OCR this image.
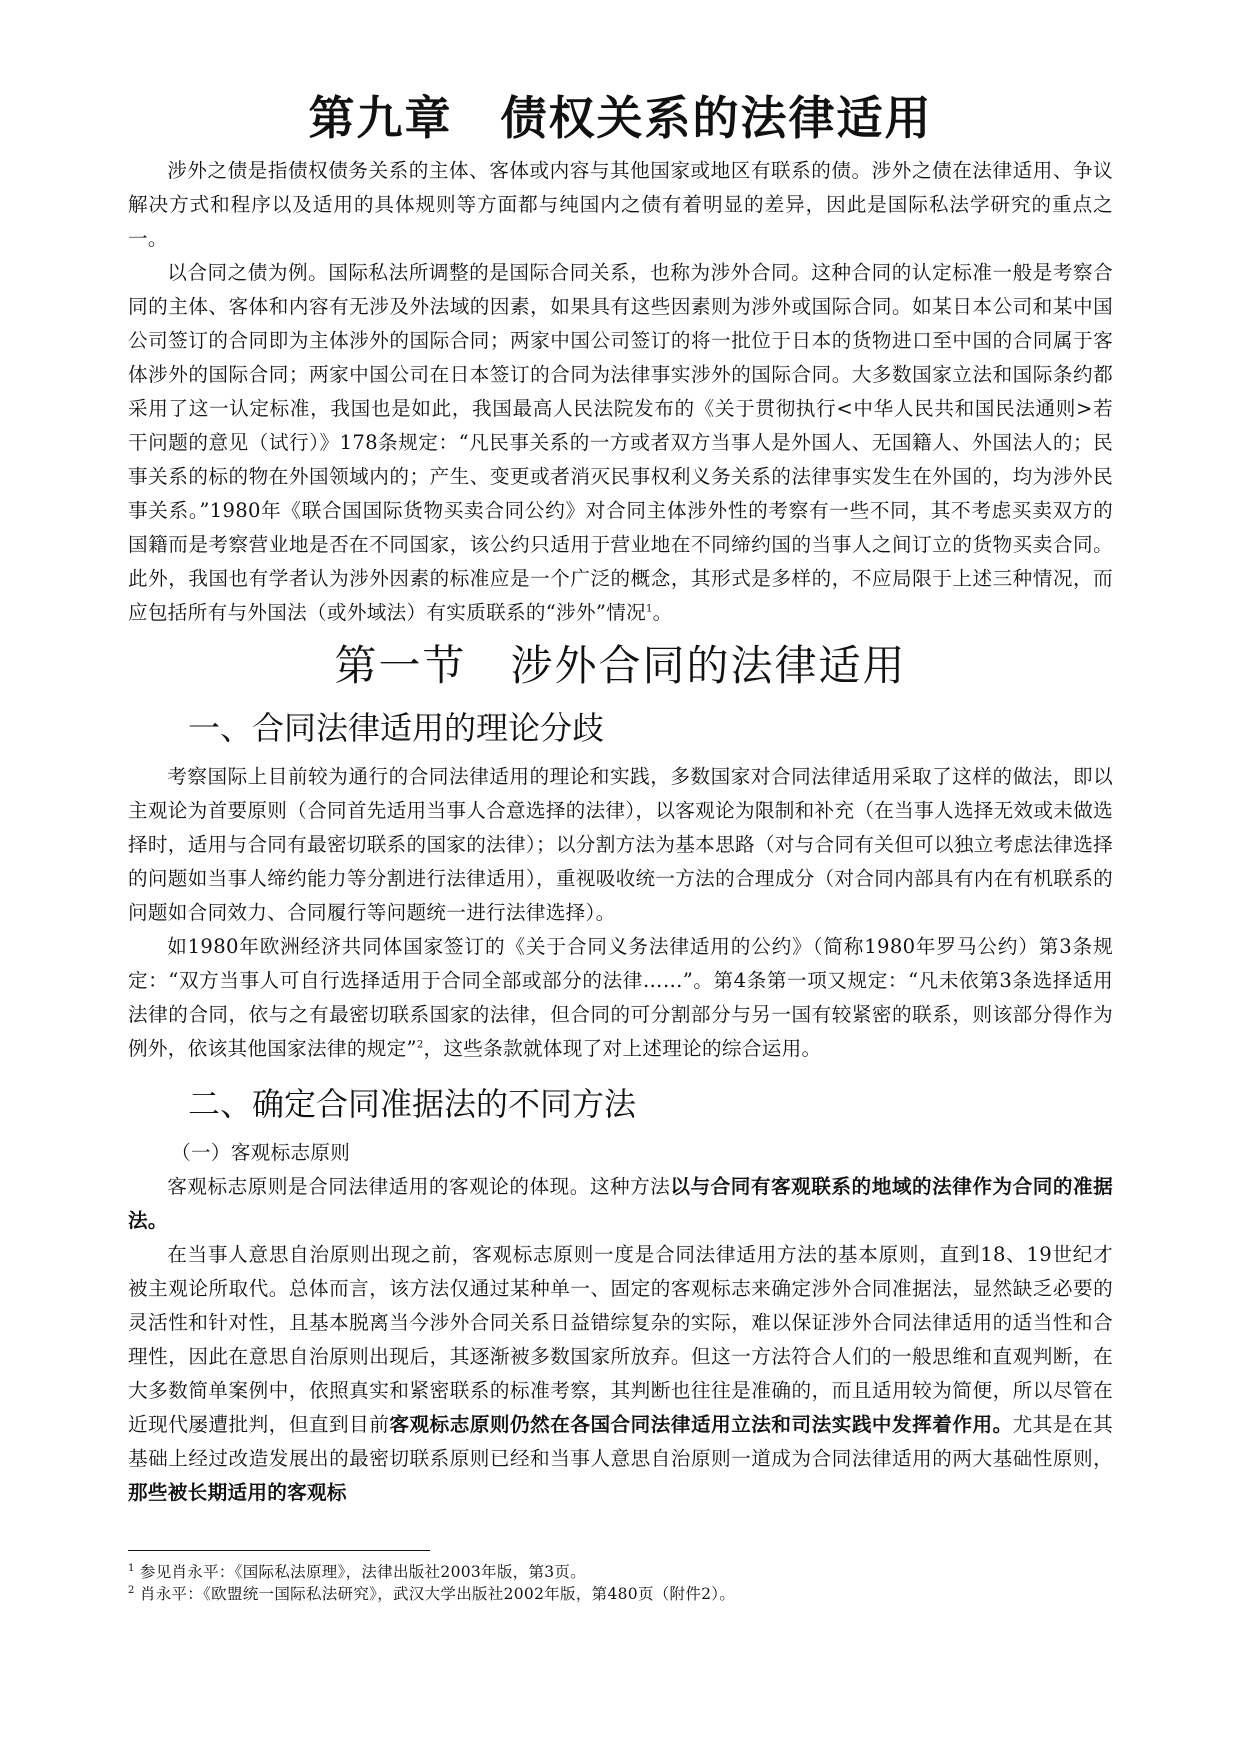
第九章　债权关系的法律适用

涉外之债是指债权债务关系的主体、客体或内容与其他国家或地区有联系的债。涉外之债在法律适用、争议解决方式和程序以及适用的具体规则等方面都与纯国内之债有着明显的差异，因此是国际私法学研究的重点之一。

以合同之债为例。国际私法所调整的是国际合同关系，也称为涉外合同。这种合同的认定标准一般是考察合同的主体、客体和内容有无涉及外法域的因素，如果具有这些因素则为涉外或国际合同。如某日本公司和某中国公司签订的合同即为主体涉外的国际合同；两家中国公司签订的将一批位于日本的货物进口至中国的合同属于客体涉外的国际合同；两家中国公司在日本签订的合同为法律事实涉外的国际合同。大多数国家立法和国际条约都采用了这一认定标准，我国也是如此，我国最高人民法院发布的《关于贯彻执行<中华人民共和国民法通则>若干问题的意见（试行）》178条规定：“凡民事关系的一方或者双方当事人是外国人、无国籍人、外国法人的；民事关系的标的物在外国领域内的；产生、变更或者消灭民事权利义务关系的法律事实发生在外国的，均为涉外民事关系。”1980年《联合国国际货物买卖合同公约》对合同主体涉外性的考察有一些不同，其不考虑买卖双方的国籍而是考察营业地是否在不同国家，该公约只适用于营业地在不同缔约国的当事人之间订立的货物买卖合同。此外，我国也有学者认为涉外因素的标准应是一个广泛的概念，其形式是多样的，不应局限于上述三种情况，而应包括所有与外国法（或外域法）有实质联系的“涉外”情况$^1$。

第一节　涉外合同的法律适用
一、合同法律适用的理论分歧

考察国际上目前较为通行的合同法律适用的理论和实践，多数国家对合同法律适用采取了这样的做法，即以主观论为首要原则（合同首先适用当事人合意选择的法律），以客观论为限制和补充（在当事人选择无效或未做选择时，适用与合同有最密切联系的国家的法律）；以分割方法为基本思路（对与合同有关但可以独立考虑法律选择的问题如当事人缔约能力等分割进行法律适用），重视吸收统一方法的合理成分（对合同内部具有内在有机联系的问题如合同效力、合同履行等问题统一进行法律选择）。

如1980年欧洲经济共同体国家签订的《关于合同义务法律适用的公约》（简称1980年罗马公约）第3条规定：“双方当事人可自行选择适用于合同全部或部分的法律……”。第4条第一项又规定：“凡未依第3条选择适用法律的合同，依与之有最密切联系国家的法律，但合同的可分割部分与另一国有较紧密的联系，则该部分得作为例外，依该其他国家法律的规定”$^2$，这些条款就体现了对上述理论的综合运用。

二、确定合同准据法的不同方法

（一）客观标志原则

客观标志原则是合同法律适用的客观论的体现。这种方法以与合同有客观联系的地域的法律作为合同的准据法。

在当事人意思自治原则出现之前，客观标志原则一度是合同法律适用方法的基本原则，直到18、19世纪才被主观论所取代。总体而言，该方法仅通过某种单一、固定的客观标志来确定涉外合同准据法，显然缺乏必要的灵活性和针对性，且基本脱离当今涉外合同关系日益错综复杂的实际，难以保证涉外合同法律适用的适当性和合理性，因此在意思自治原则出现后，其逐渐被多数国家所放弃。但这一方法符合人们的一般思维和直观判断，在大多数简单案例中，依照真实和紧密联系的标准考察，其判断也往往是准确的，而且适用较为简便，所以尽管在近现代屡遭批判，但直到目前客观标志原则仍然在各国合同法律适用立法和司法实践中发挥着作用。尤其是在其基础上经过改造发展出的最密切联系原则已经和当事人意思自治原则一道成为合同法律适用的两大基础性原则，那些被长期适用的客观标

$^1$ 参见肖永平：《国际私法原理》，法律出版社2003年版，第3页。
$^2$ 肖永平：《欧盟统一国际私法研究》，武汉大学出版社2002年版，第480页（附件2）。
